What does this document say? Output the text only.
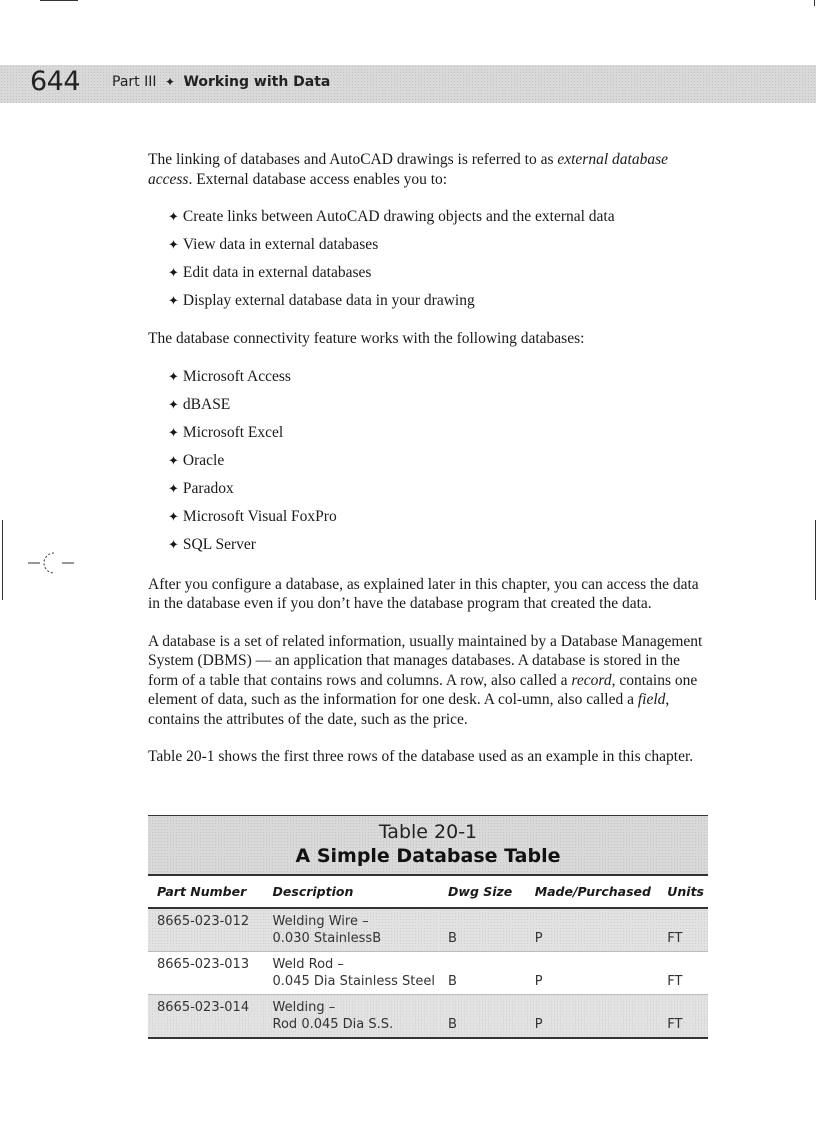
644 Part III ✦ Working with Data

The linking of databases and AutoCAD drawings is referred to as external database access. External database access enables you to:

✦ Create links between AutoCAD drawing objects and the external data
✦ View data in external databases
✦ Edit data in external databases
✦ Display external database data in your drawing

The database connectivity feature works with the following databases:

✦ Microsoft Access
✦ dBASE
✦ Microsoft Excel
✦ Oracle
✦ Paradox
✦ Microsoft Visual FoxPro
✦ SQL Server

After you configure a database, as explained later in this chapter, you can access the data in the database even if you don’t have the database program that created the data.

A database is a set of related information, usually maintained by a Database Management System (DBMS) — an application that manages databases. A database is stored in the form of a table that contains rows and columns. A row, also called a record, contains one element of data, such as the information for one desk. A col-umn, also called a field, contains the attributes of the date, such as the price.

Table 20-1 shows the first three rows of the database used as an example in this chapter.

Table 20-1
A Simple Database Table
Part Number	Description	Dwg Size	Made/Purchased	Units
8665-023-012	Welding Wire –
0.030 StainlessB	B	P	FT
8665-023-013	Weld Rod –
0.045 Dia Stainless Steel	B	P	FT
8665-023-014	Welding –
Rod 0.045 Dia S.S.	B	P	FT
